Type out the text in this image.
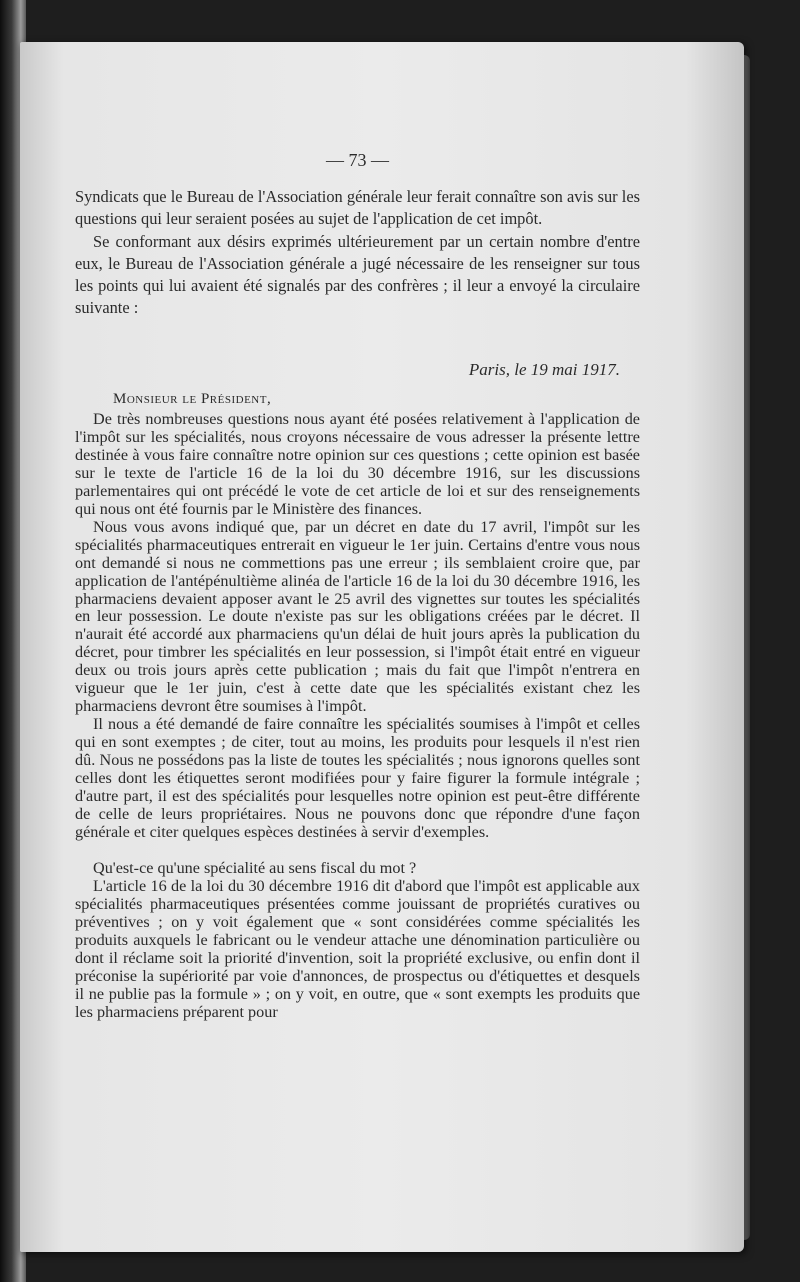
— 73 —

Syndicats que le Bureau de l'Association générale leur ferait connaître son avis sur les questions qui leur seraient posées au sujet de l'application de cet impôt.

Se conformant aux désirs exprimés ultérieurement par un certain nombre d'entre eux, le Bureau de l'Association générale a jugé nécessaire de les renseigner sur tous les points qui lui avaient été signalés par des confrères ; il leur a envoyé la circulaire suivante :

Paris, le 19 mai 1917.
Monsieur le Président,

De très nombreuses questions nous ayant été posées relativement à l'application de l'impôt sur les spécialités, nous croyons nécessaire de vous adresser la présente lettre destinée à vous faire connaître notre opinion sur ces questions ; cette opinion est basée sur le texte de l'article 16 de la loi du 30 décembre 1916, sur les discussions parlementaires qui ont précédé le vote de cet article de loi et sur des renseignements qui nous ont été fournis par le Ministère des finances.

Nous vous avons indiqué que, par un décret en date du 17 avril, l'impôt sur les spécialités pharmaceutiques entrerait en vigueur le 1er juin. Certains d'entre vous nous ont demandé si nous ne commettions pas une erreur ; ils semblaient croire que, par application de l'antépénultième alinéa de l'article 16 de la loi du 30 décembre 1916, les pharmaciens devaient apposer avant le 25 avril des vignettes sur toutes les spécialités en leur possession. Le doute n'existe pas sur les obligations créées par le décret. Il n'aurait été accordé aux pharmaciens qu'un délai de huit jours après la publication du décret, pour timbrer les spécialités en leur possession, si l'impôt était entré en vigueur deux ou trois jours après cette publication ; mais du fait que l'impôt n'entrera en vigueur que le 1er juin, c'est à cette date que les spécialités existant chez les pharmaciens devront être soumises à l'impôt.

Il nous a été demandé de faire connaître les spécialités soumises à l'impôt et celles qui en sont exemptes ; de citer, tout au moins, les produits pour lesquels il n'est rien dû. Nous ne possédons pas la liste de toutes les spécialités ; nous ignorons quelles sont celles dont les étiquettes seront modifiées pour y faire figurer la formule intégrale ; d'autre part, il est des spécialités pour lesquelles notre opinion est peut-être différente de celle de leurs propriétaires. Nous ne pouvons donc que répondre d'une façon générale et citer quelques espèces destinées à servir d'exemples.

Qu'est-ce qu'une spécialité au sens fiscal du mot ?

L'article 16 de la loi du 30 décembre 1916 dit d'abord que l'impôt est applicable aux spécialités pharmaceutiques présentées comme jouissant de propriétés curatives ou préventives ; on y voit également que « sont considérées comme spécialités les produits auxquels le fabricant ou le vendeur attache une dénomination particulière ou dont il réclame soit la priorité d'invention, soit la propriété exclusive, ou enfin dont il préconise la supériorité par voie d'annonces, de prospectus ou d'étiquettes et desquels il ne publie pas la formule » ; on y voit, en outre, que « sont exempts les produits que les pharmaciens préparent pour
